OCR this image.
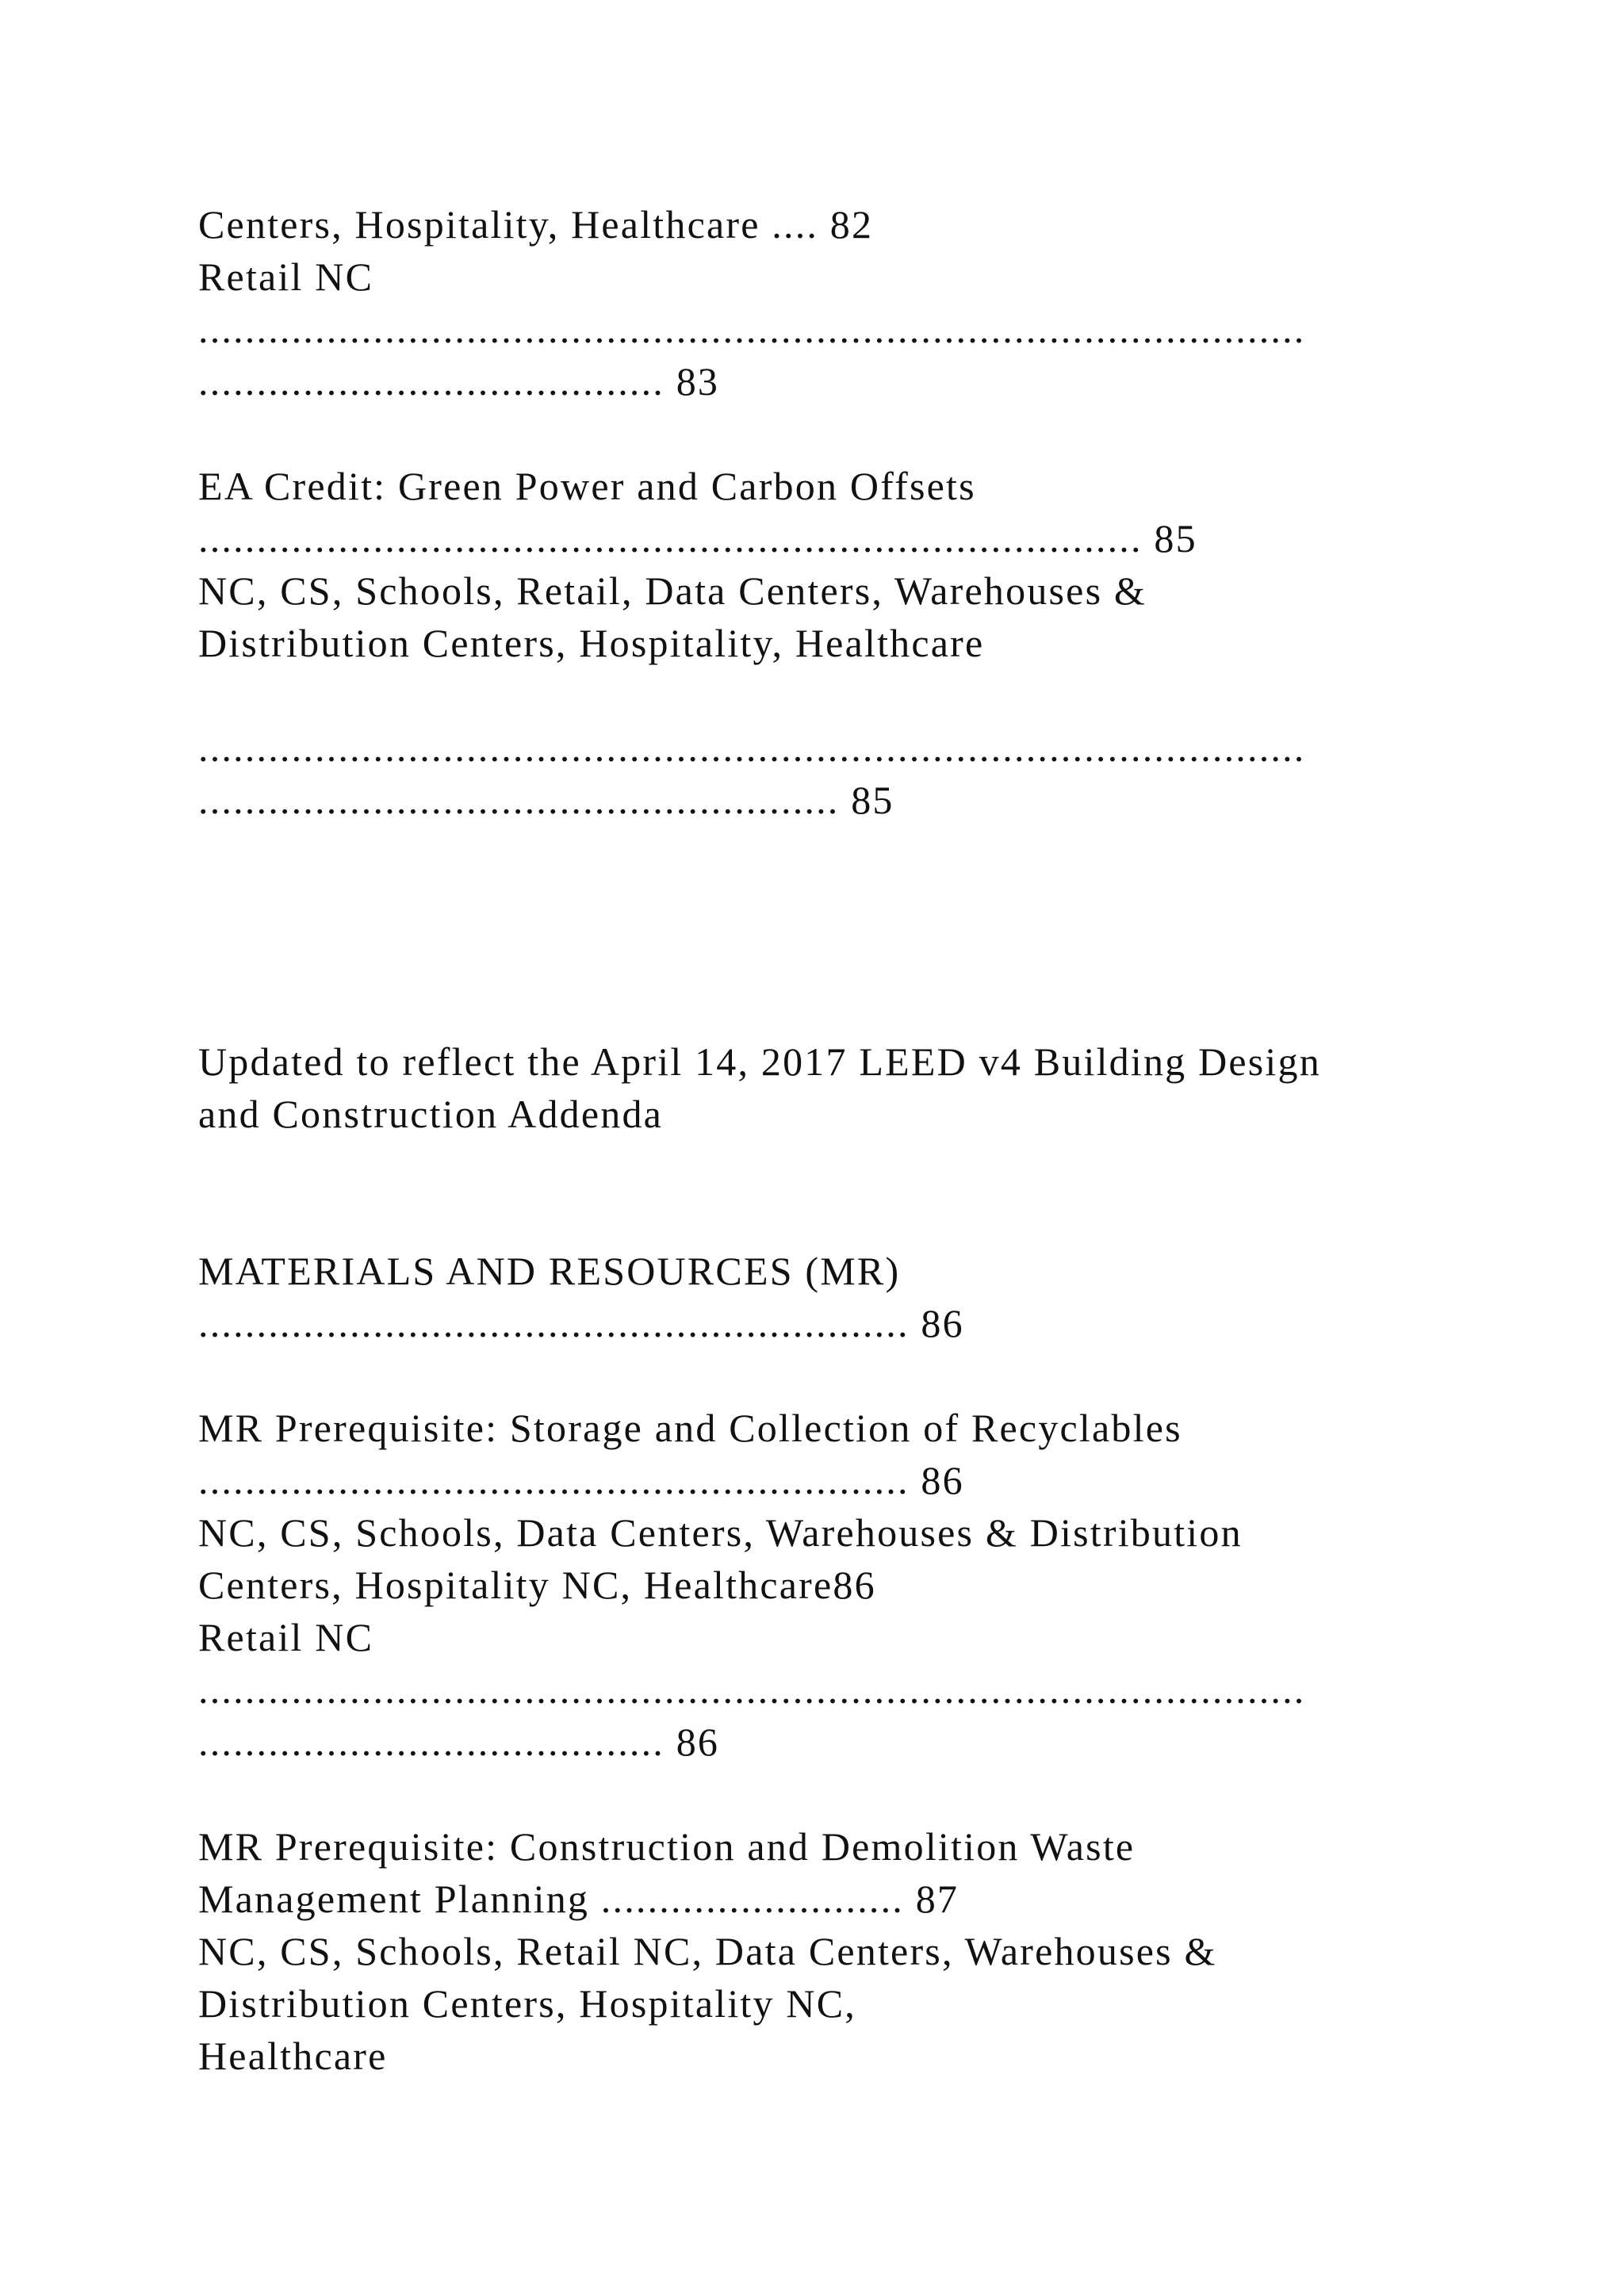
Centers, Hospitality, Healthcare .... 82
Retail NC
...............................................................................................
........................................ 83
EA Credit: Green Power and Carbon Offsets
................................................................................. 85
NC, CS, Schools, Retail, Data Centers, Warehouses &
Distribution Centers, Hospitality, Healthcare
...............................................................................................
....................................................... 85
Updated to reflect the April 14, 2017 LEED v4 Building Design
and Construction Addenda
MATERIALS AND RESOURCES (MR)
............................................................. 86
MR Prerequisite: Storage and Collection of Recyclables
............................................................. 86
NC, CS, Schools, Data Centers, Warehouses & Distribution
Centers, Hospitality NC, Healthcare86
Retail NC
...............................................................................................
........................................ 86
MR Prerequisite: Construction and Demolition Waste
Management Planning .......................... 87
NC, CS, Schools, Retail NC, Data Centers, Warehouses &
Distribution Centers, Hospitality NC,
Healthcare
